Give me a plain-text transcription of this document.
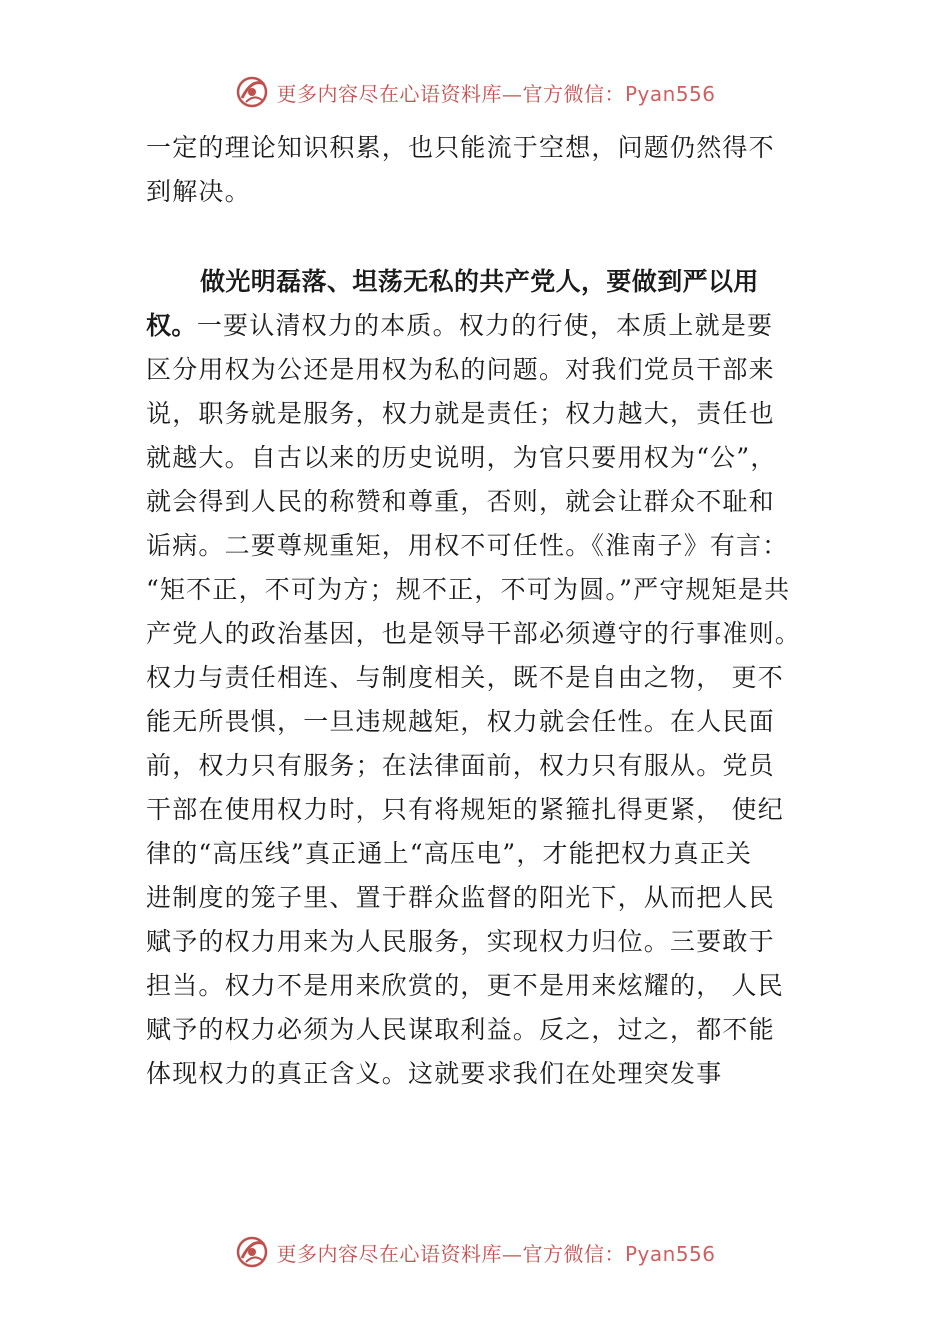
更多内容尽在心语资料库—官方微信：Pyan556
一定的理论知识积累，也只能流于空想，问题仍然得不
到解决。
做光明磊落、坦荡无私的共产党人，要做到严以用
权。一要认清权力的本质。权力的行使，本质上就是要
区分用权为公还是用权为私的问题。对我们党员干部来
说，职务就是服务，权力就是责任；权力越大，责任也
就越大。自古以来的历史说明，为官只要用权为“公”，
就会得到人民的称赞和尊重，否则，就会让群众不耻和
诟病。二要尊规重矩，用权不可任性。《淮南子》有言：
“矩不正，不可为方；规不正，不可为圆。”严守规矩是共
产党人的政治基因，也是领导干部必须遵守的行事准则。
权力与责任相连、与制度相关，既不是自由之物， 更不
能无所畏惧，一旦违规越矩，权力就会任性。在人民面
前，权力只有服务；在法律面前，权力只有服从。党员
干部在使用权力时，只有将规矩的紧箍扎得更紧， 使纪
律的“高压线”真正通上“高压电”，才能把权力真正关
进制度的笼子里、置于群众监督的阳光下，从而把人民
赋予的权力用来为人民服务，实现权力归位。三要敢于
担当。权力不是用来欣赏的，更不是用来炫耀的， 人民
赋予的权力必须为人民谋取利益。反之，过之，都不能
体现权力的真正含义。这就要求我们在处理突发事
更多内容尽在心语资料库—官方微信：Pyan556
